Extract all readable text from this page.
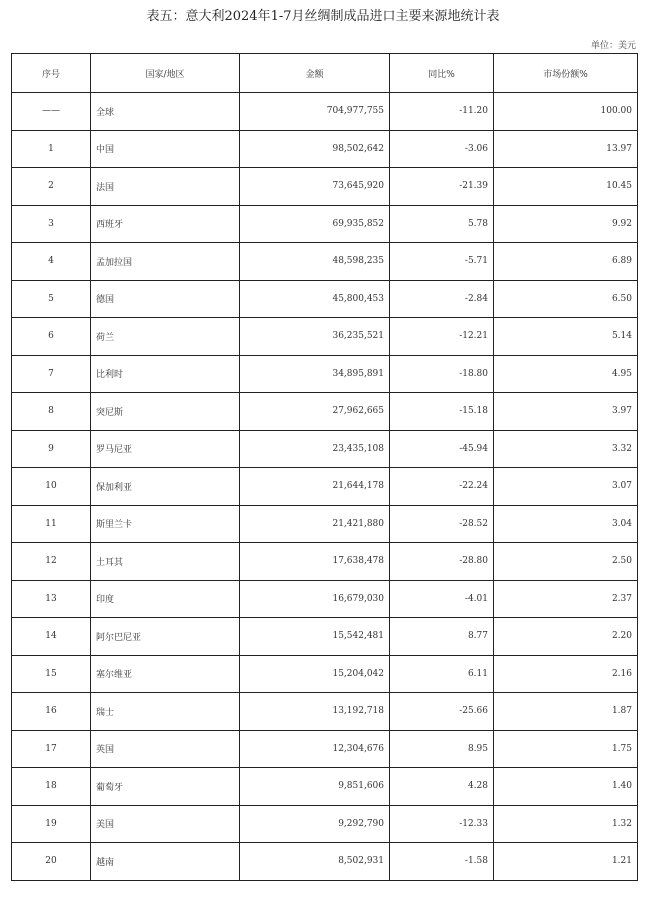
表五：意大利2024年1-7月丝绸制成品进口主要来源地统计表
单位：美元
序号	国家/地区	金额	同比%	市场份额%
——	全球	704,977,755	-11.20	100.00
1	中国	98,502,642	-3.06	13.97
2	法国	73,645,920	-21.39	10.45
3	西班牙	69,935,852	5.78	9.92
4	孟加拉国	48,598,235	-5.71	6.89
5	德国	45,800,453	-2.84	6.50
6	荷兰	36,235,521	-12.21	5.14
7	比利时	34,895,891	-18.80	4.95
8	突尼斯	27,962,665	-15.18	3.97
9	罗马尼亚	23,435,108	-45.94	3.32
10	保加利亚	21,644,178	-22.24	3.07
11	斯里兰卡	21,421,880	-28.52	3.04
12	土耳其	17,638,478	-28.80	2.50
13	印度	16,679,030	-4.01	2.37
14	阿尔巴尼亚	15,542,481	8.77	2.20
15	塞尔维亚	15,204,042	6.11	2.16
16	瑞士	13,192,718	-25.66	1.87
17	英国	12,304,676	8.95	1.75
18	葡萄牙	9,851,606	4.28	1.40
19	美国	9,292,790	-12.33	1.32
20	越南	8,502,931	-1.58	1.21
